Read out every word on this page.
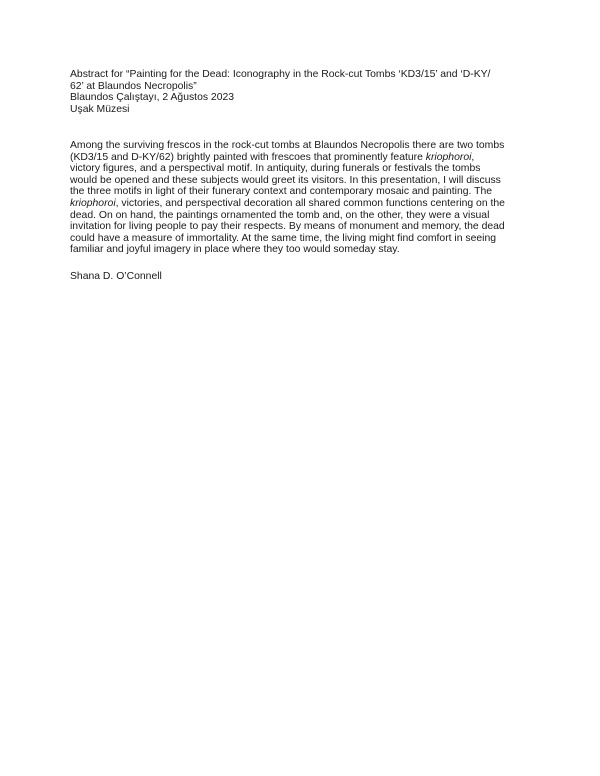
Abstract for “Painting for the Dead: Iconography in the Rock-cut Tombs ‘KD3/15’ and ‘D-KY/
62’ at Blaundos Necropolis”
Blaundos Çalıştayı, 2 Ağustos 2023
Uşak Müzesi
Among the surviving frescos in the rock-cut tombs at Blaundos Necropolis there are two tombs
(KD3/15 and D-KY/62) brightly painted with frescoes that prominently feature kriophoroi,
victory figures, and a perspectival motif. In antiquity, during funerals or festivals the tombs
would be opened and these subjects would greet its visitors. In this presentation, I will discuss
the three motifs in light of their funerary context and contemporary mosaic and painting. The
kriophoroi, victories, and perspectival decoration all shared common functions centering on the
dead. On on hand, the paintings ornamented the tomb and, on the other, they were a visual
invitation for living people to pay their respects. By means of monument and memory, the dead
could have a measure of immortality. At the same time, the living might find comfort in seeing
familiar and joyful imagery in place where they too would someday stay.
Shana D. O’Connell
